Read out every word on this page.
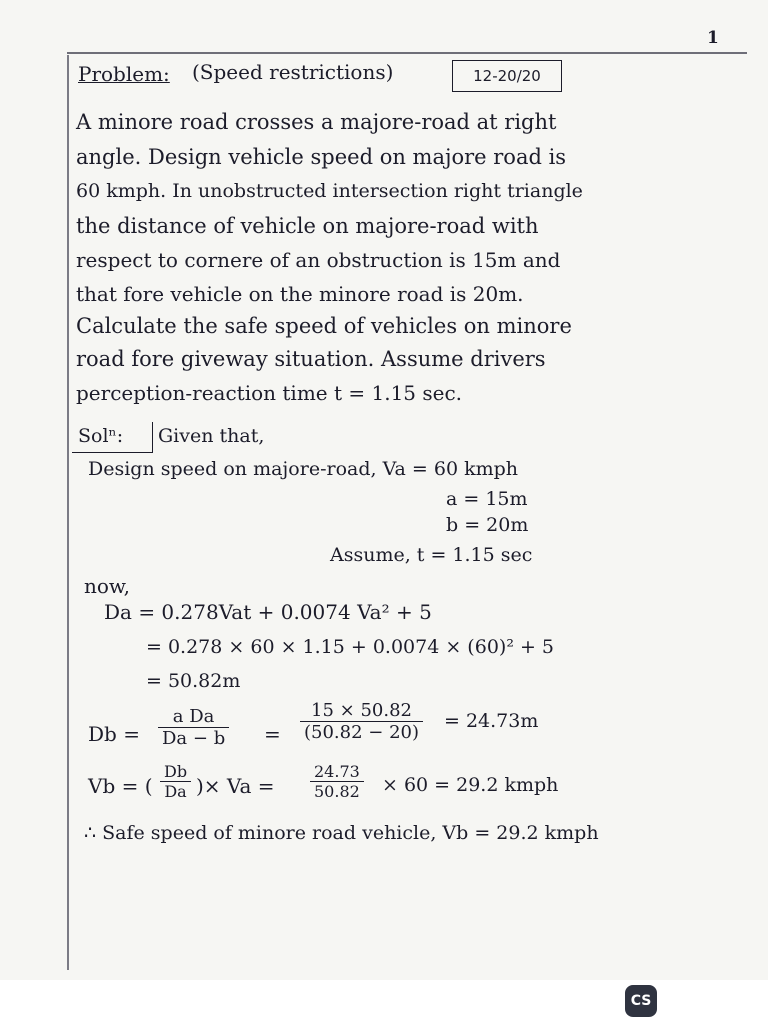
1
Problem: (Speed restrictions)	12-20/20
A minore road crosses a majore-road at right
angle. Design vehicle speed on majore road is
60 kmph. In unobstructed intersection right triangle
the distance of vehicle on majore-road with
respect to cornere of an obstruction is 15m and
that fore vehicle on the minore road is 20m.
Calculate the safe speed of vehicles on minore
road fore giveway situation. Assume drivers
perception-reaction time t = 1.15 sec.
Solⁿ: Given that,
Design speed on majore-road, Va = 60 kmph
a = 15m
b = 20m
Assume, t = 1.15 sec
now,
Da = 0.278Vat + 0.0074 Va² + 5
= 0.278 × 60 × 1.15 + 0.0074 × (60)² + 5
= 50.82m
$Db = \frac{\text{a Da}}{Da - b} = \frac{15 \times 50.82}{(50.82 - 20)} = 24.73m$
Vb = ( $\frac{Db}{Da}$ )× $Va = \frac{24.73}{50.82} \times 60 = 29.2$ kmph
∴ Safe speed of minore road vehicle, Vb = 29.2 kmph
CS
